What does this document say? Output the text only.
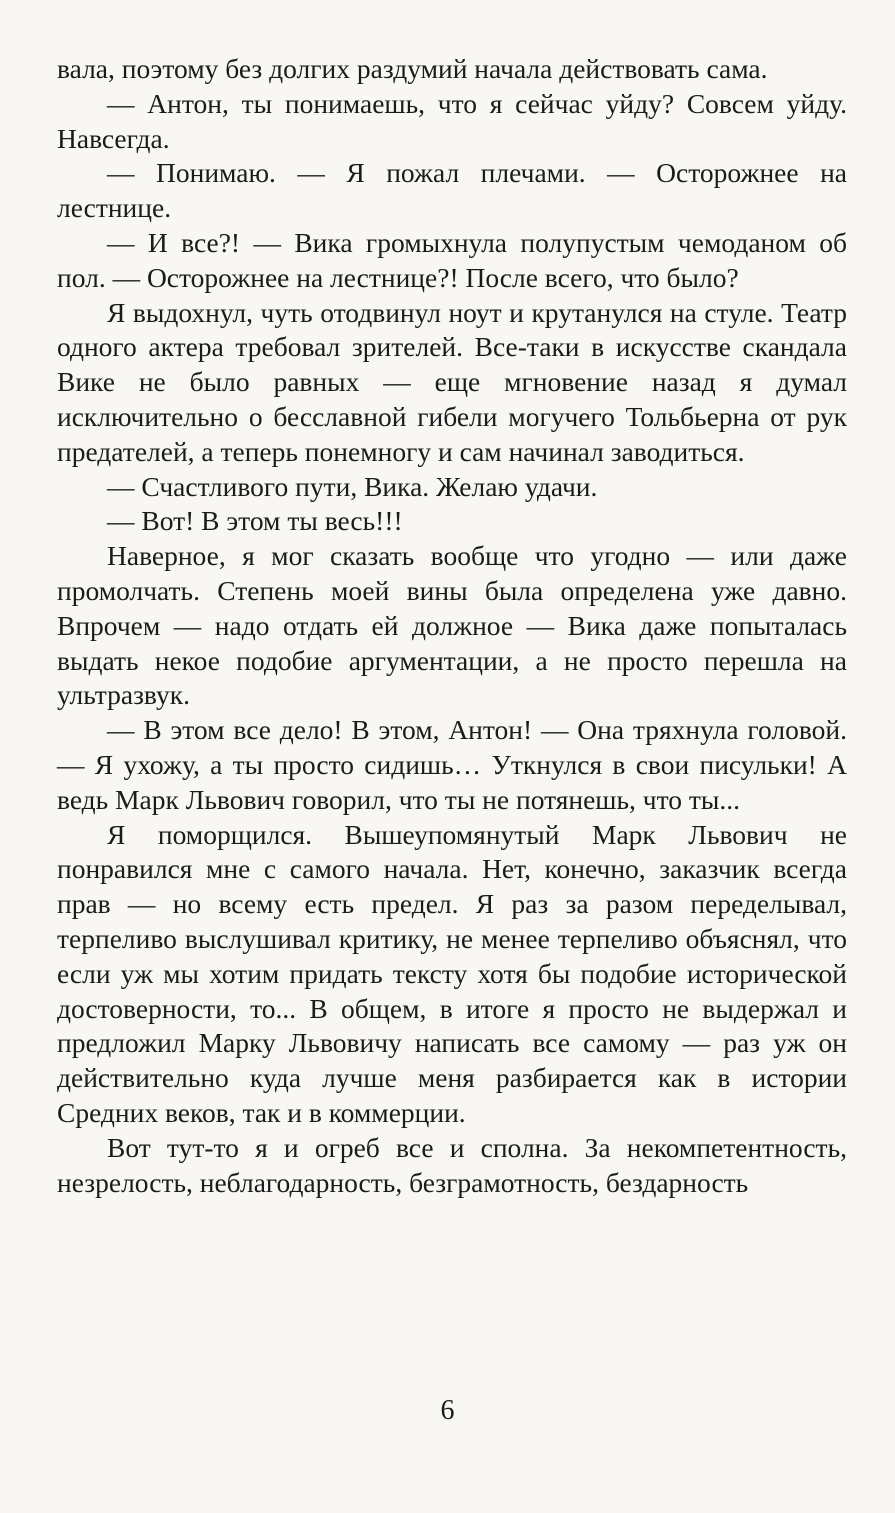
вала, поэтому без долгих раздумий начала действовать сама.

— Антон, ты понимаешь, что я сейчас уйду? Совсем уйду. Навсегда.

— Понимаю. — Я пожал плечами. — Осторожнее на лестнице.

— И все?! — Вика громыхнула полупустым чемоданом об пол. — Осторожнее на лестнице?! После всего, что было?

Я выдохнул, чуть отодвинул ноут и крутанулся на стуле. Театр одного актера требовал зрителей. Все-таки в искусстве скандала Вике не было равных — еще мгновение назад я думал исключительно о бесславной гибели могучего Тольбьерна от рук предателей, а теперь понемногу и сам начинал заводиться.

— Счастливого пути, Вика. Желаю удачи.

— Вот! В этом ты весь!!!

Наверное, я мог сказать вообще что угодно — или даже промолчать. Степень моей вины была определена уже давно. Впрочем — надо отдать ей должное — Вика даже попыталась выдать некое подобие аргументации, а не просто перешла на ультразвук.

— В этом все дело! В этом, Антон! — Она тряхнула головой. — Я ухожу, а ты просто сидишь… Уткнулся в свои писульки! А ведь Марк Львович говорил, что ты не потянешь, что ты...

Я поморщился. Вышеупомянутый Марк Львович не понравился мне с самого начала. Нет, конечно, заказчик всегда прав — но всему есть предел. Я раз за разом переделывал, терпеливо выслушивал критику, не менее терпеливо объяснял, что если уж мы хотим придать тексту хотя бы подобие исторической достоверности, то... В общем, в итоге я просто не выдержал и предложил Марку Львовичу написать все самому — раз уж он действительно куда лучше меня разбирается как в истории Средних веков, так и в коммерции.

Вот тут-то я и огреб все и сполна. За некомпетентность, незрелость, неблагодарность, безграмотность, бездарность

6
